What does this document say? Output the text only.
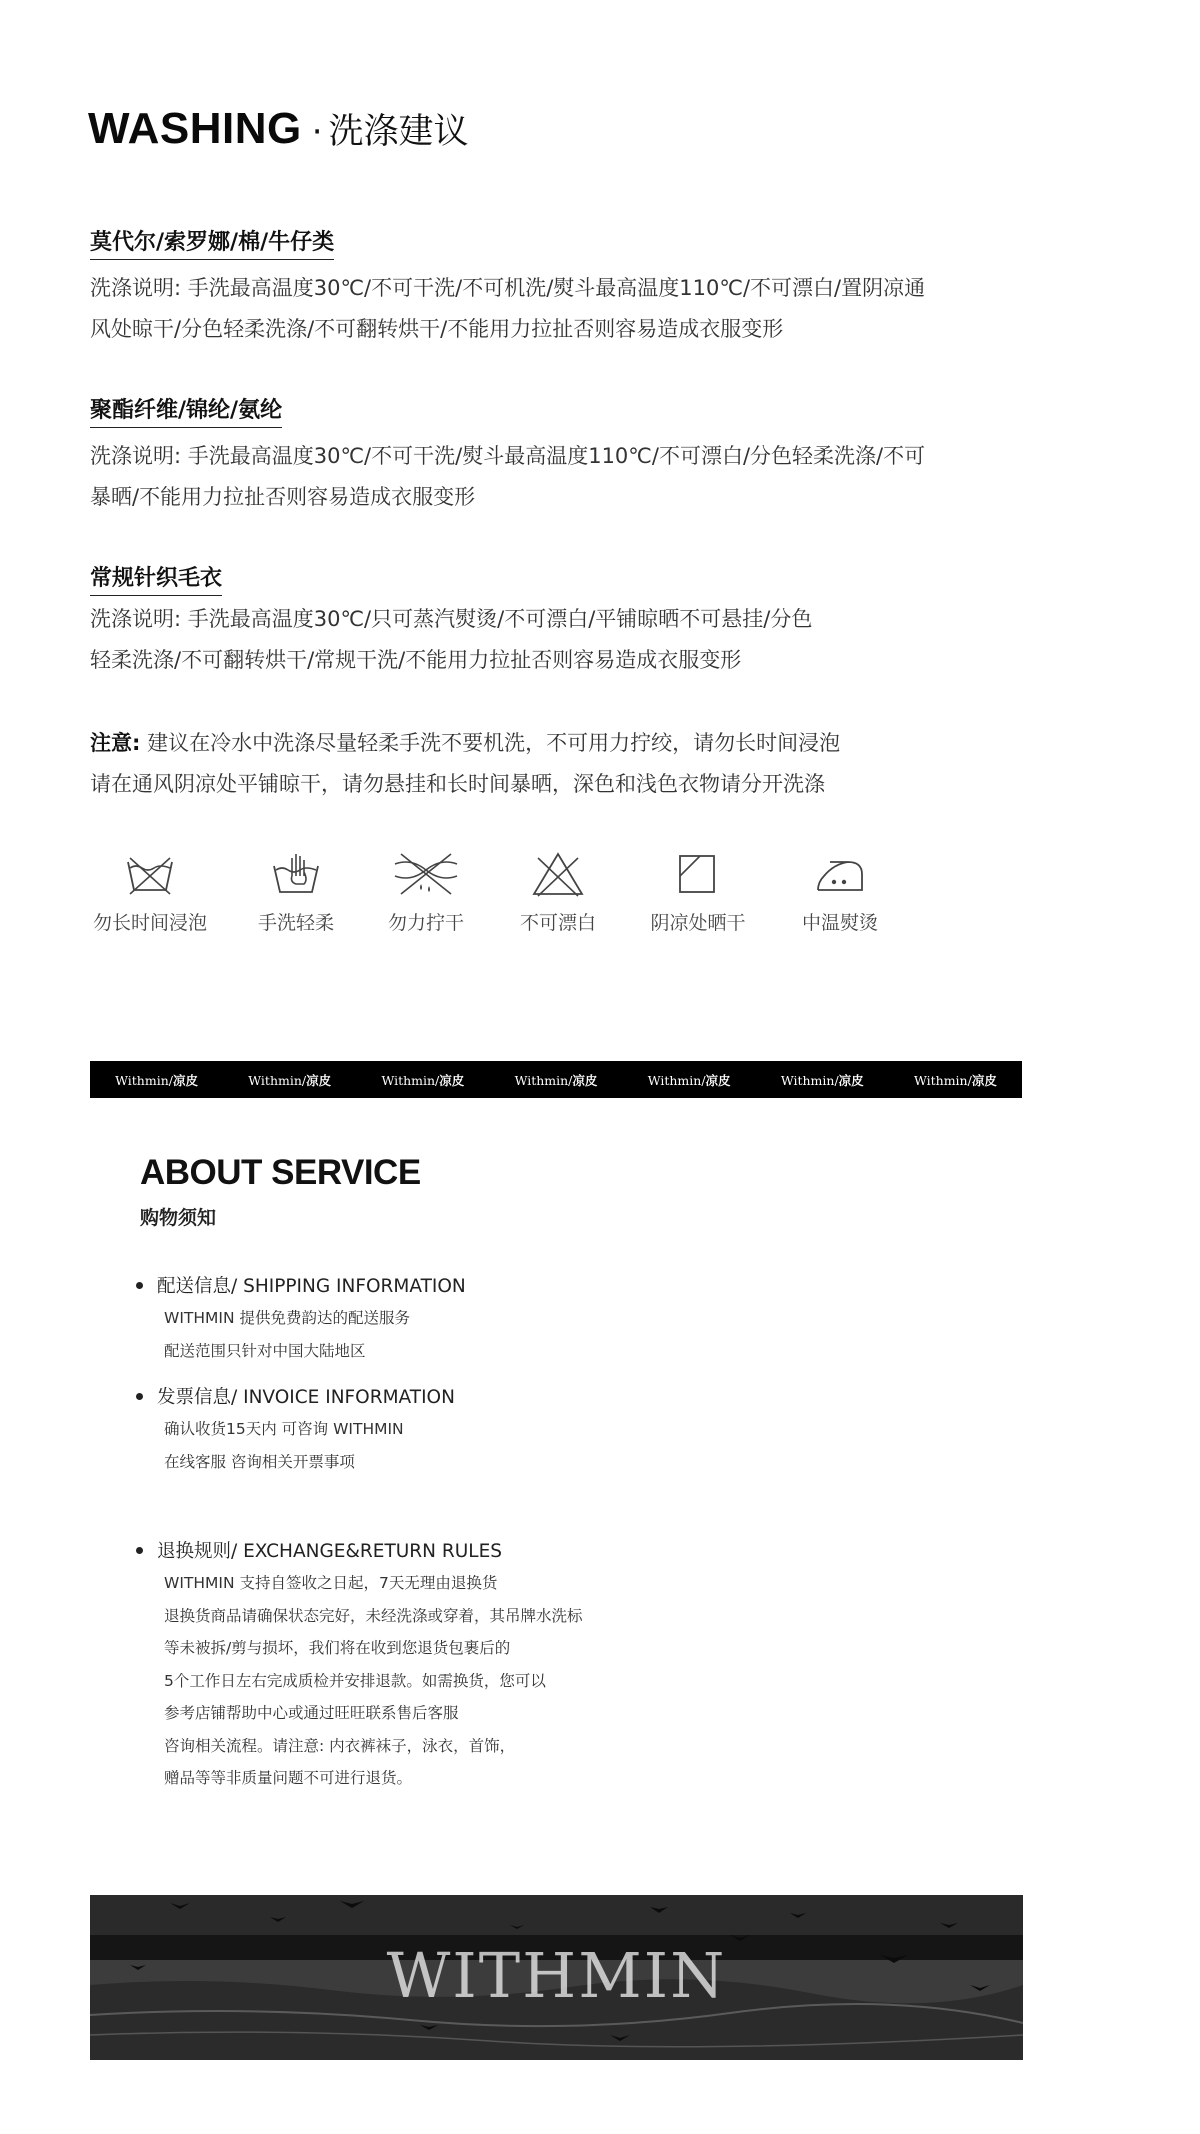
WASHING · 洗涤建议
莫代尔/索罗娜/棉/牛仔类
洗涤说明: 手洗最高温度30℃/不可干洗/不可机洗/熨斗最高温度110℃/不可漂白/置阴凉通
风处晾干/分色轻柔洗涤/不可翻转烘干/不能用力拉扯否则容易造成衣服变形
聚酯纤维/锦纶/氨纶
洗涤说明: 手洗最高温度30℃/不可干洗/熨斗最高温度110℃/不可漂白/分色轻柔洗涤/不可
暴晒/不能用力拉扯否则容易造成衣服变形
常规针织毛衣
洗涤说明: 手洗最高温度30℃/只可蒸汽熨烫/不可漂白/平铺晾晒不可悬挂/分色
轻柔洗涤/不可翻转烘干/常规干洗/不能用力拉扯否则容易造成衣服变形
注意: 建议在冷水中洗涤尽量轻柔手洗不要机洗，不可用力拧绞，请勿长时间浸泡
请在通风阴凉处平铺晾干，请勿悬挂和长时间暴晒，深色和浅色衣物请分开洗涤
勿长时间浸泡	手洗轻柔	勿力拧干	不可漂白	阴凉处晒干	中温熨烫
Withmin/凉皮	Withmin/凉皮	Withmin/凉皮	Withmin/凉皮	Withmin/凉皮	Withmin/凉皮	Withmin/凉皮
ABOUT SERVICE
购物须知
配送信息/ SHIPPING INFORMATION
WITHMIN 提供免费韵达的配送服务
配送范围只针对中国大陆地区
发票信息/ INVOICE INFORMATION
确认收货15天内 可咨询 WITHMIN
在线客服 咨询相关开票事项
退换规则/ EXCHANGE&RETURN RULES
WITHMIN 支持自签收之日起，7天无理由退换货
退换货商品请确保状态完好，未经洗涤或穿着，其吊牌水洗标
等未被拆/剪与损坏，我们将在收到您退货包裹后的
5个工作日左右完成质检并安排退款。如需换货，您可以
参考店铺帮助中心或通过旺旺联系售后客服
咨询相关流程。请注意: 内衣裤袜子，泳衣，首饰，
赠品等等非质量问题不可进行退货。
WITHMIN
